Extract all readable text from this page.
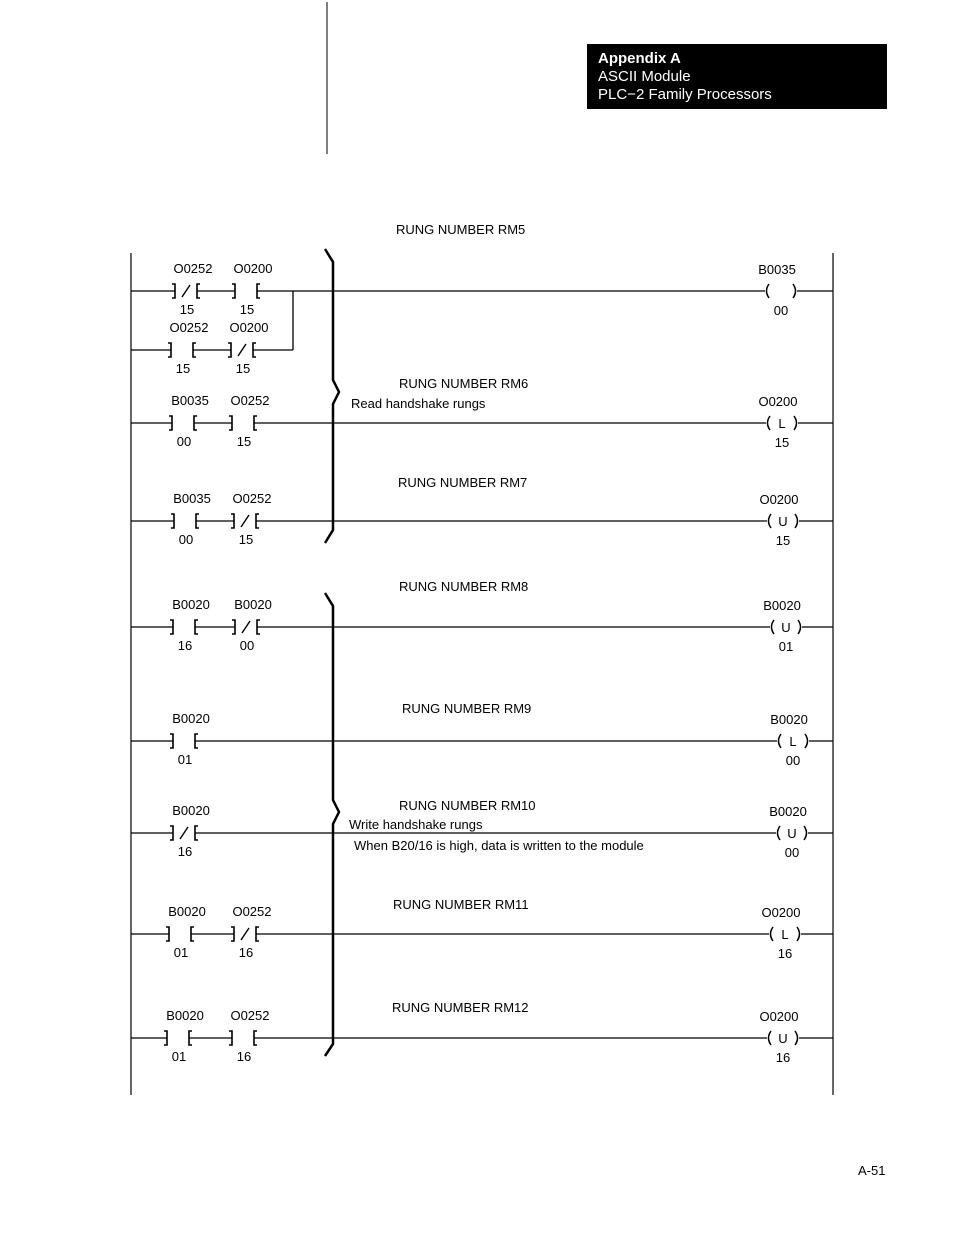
Appendix A
ASCII Module
PLC−2 Family Processors
Read handshake rungs
Write handshake rungs
When B20/16 is high, data is written to the module
RUNG NUMBER RM5
O0252
15
O0200
15
B0035
00
O0252
15
O0200
15
RUNG NUMBER RM6
B0035
00
O0252
15
L
O0200
15
RUNG NUMBER RM7
B0035
00
O0252
15
U
O0200
15
RUNG NUMBER RM8
B0020
16
B0020
00
U
B0020
01
RUNG NUMBER RM9
B0020
01
L
B0020
00
RUNG NUMBER RM10
B0020
16
U
B0020
00
RUNG NUMBER RM11
B0020
01
O0252
16
L
O0200
16
RUNG NUMBER RM12
B0020
01
O0252
16
U
O0200
16
A-51
